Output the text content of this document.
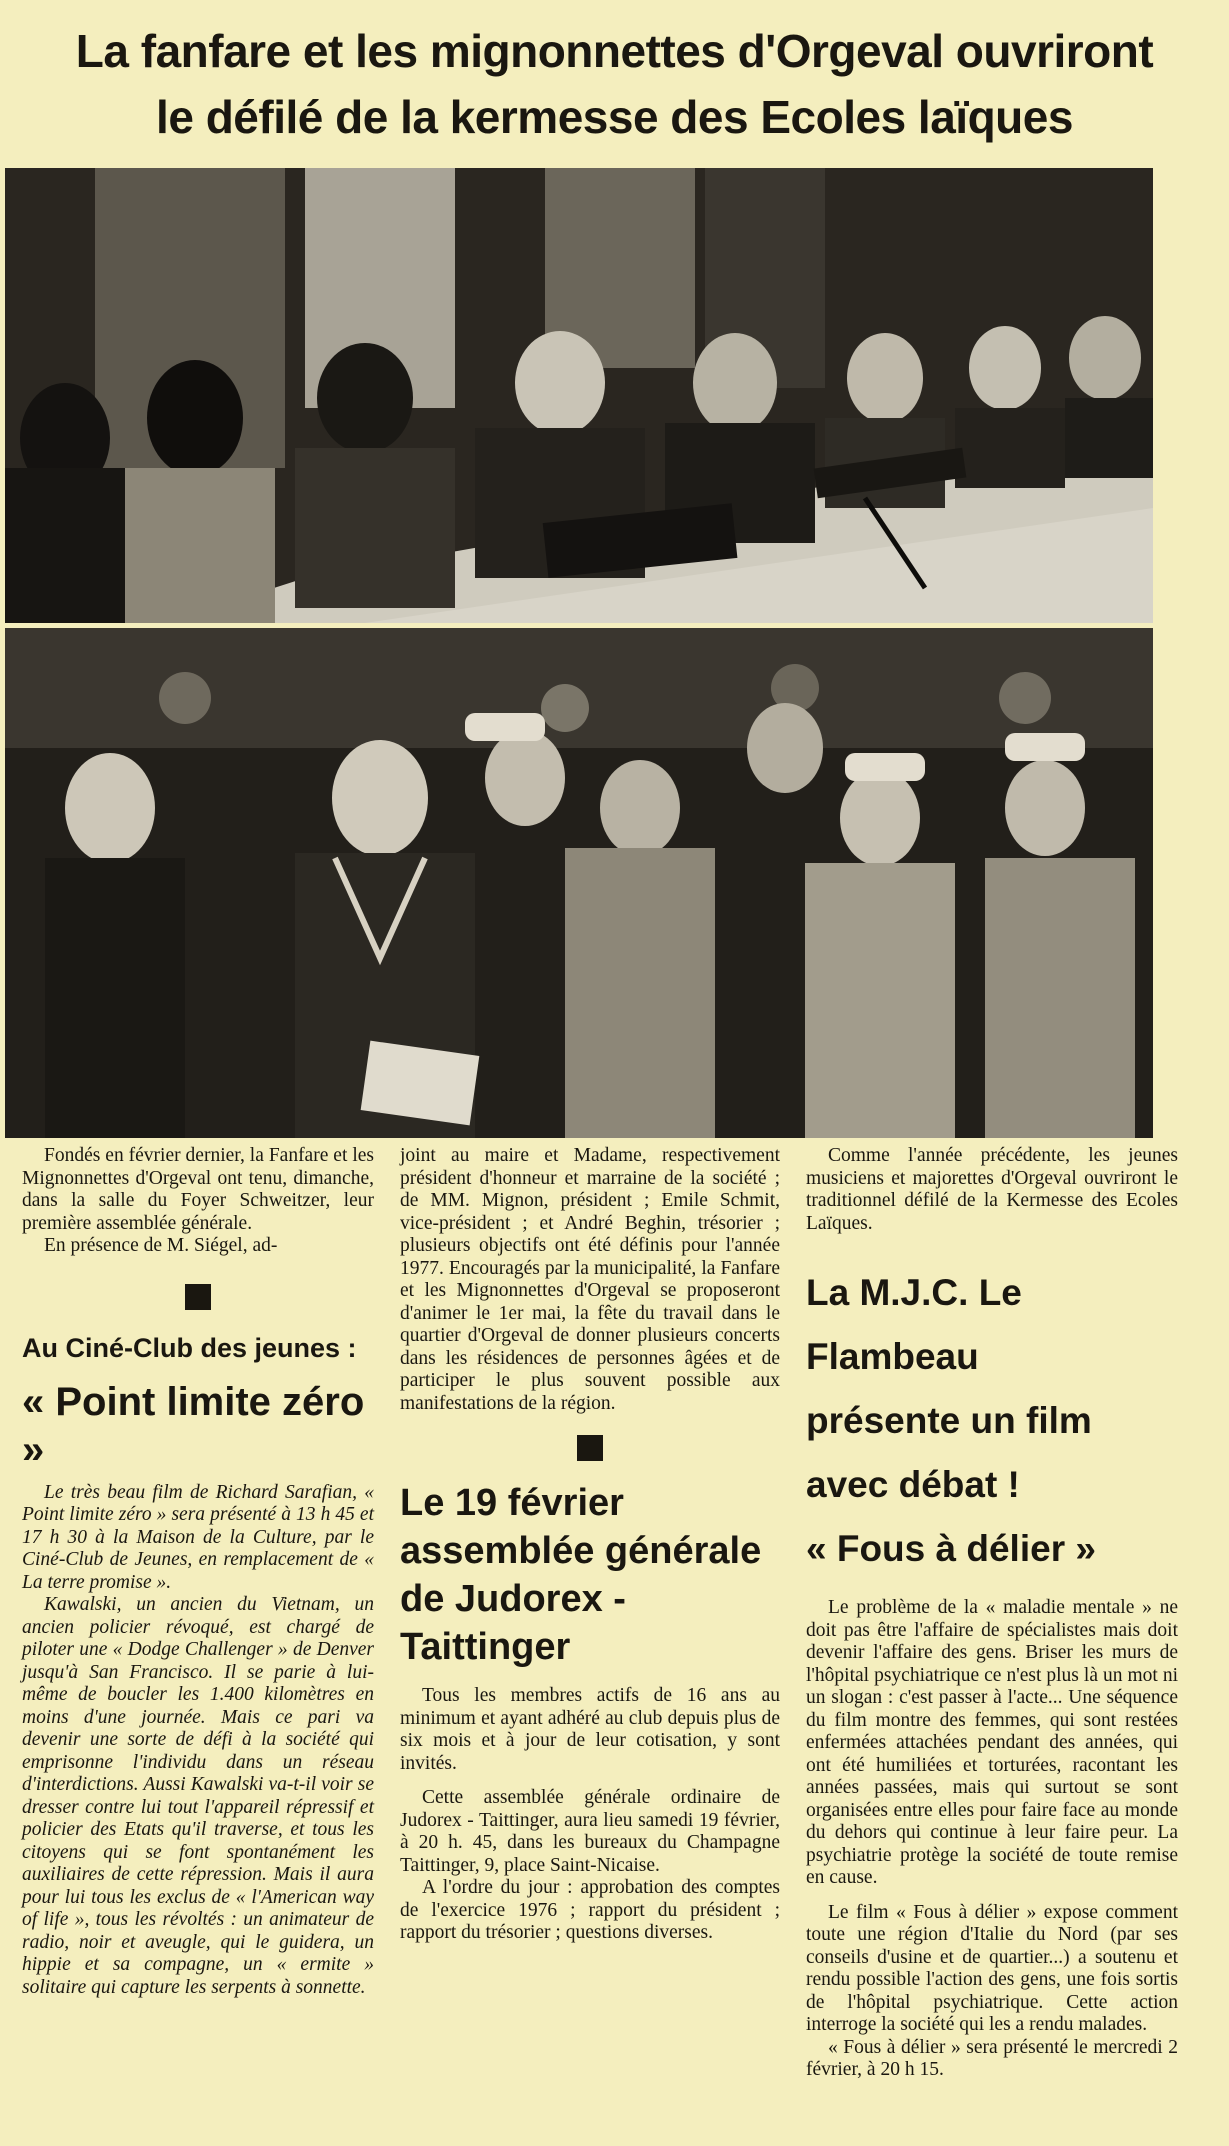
La fanfare et les mignonnettes d'Orgeval ouvriront
le défilé de la kermesse des Ecoles laïques

Fondés en février dernier, la Fanfare et les Mignonnettes d'Orgeval ont tenu, dimanche, dans la salle du Foyer Schweitzer, leur première assemblée générale.

En présence de M. Siégel, ad-

Au Ciné-Club des jeunes :
« Point limite zéro »

Le très beau film de Richard Sarafian, « Point limite zéro » sera présenté à 13 h 45 et 17 h 30 à la Maison de la Culture, par le Ciné-Club de Jeunes, en remplacement de « La terre promise ».

Kawalski, un ancien du Vietnam, un ancien policier révoqué, est chargé de piloter une « Dodge Challenger » de Denver jusqu'à San Francisco. Il se parie à lui-même de boucler les 1.400 kilomètres en moins d'une journée. Mais ce pari va devenir une sorte de défi à la société qui emprisonne l'individu dans un réseau d'interdictions. Aussi Kawalski va-t-il voir se dresser contre lui tout l'appareil répressif et policier des Etats qu'il traverse, et tous les citoyens qui se font spontanément les auxiliaires de cette répression. Mais il aura pour lui tous les exclus de « l'American way of life », tous les révoltés : un animateur de radio, noir et aveugle, qui le guidera, un hippie et sa compagne, un « ermite » solitaire qui capture les serpents à sonnette.

joint au maire et Madame, respectivement président d'honneur et marraine de la société ; de MM. Mignon, président ; Emile Schmit, vice-président ; et André Beghin, trésorier ; plusieurs objectifs ont été définis pour l'année 1977. Encouragés par la municipalité, la Fanfare et les Mignonnettes d'Orgeval se proposeront d'animer le 1er mai, la fête du travail dans le quartier d'Orgeval de donner plusieurs concerts dans les résidences de personnes âgées et de participer le plus souvent possible aux manifestations de la région.

Le 19 février
assemblée générale
de Judorex -
Taittinger

Tous les membres actifs de 16 ans au minimum et ayant adhéré au club depuis plus de six mois et à jour de leur cotisation, y sont invités.

Cette assemblée générale ordinaire de Judorex - Taittinger, aura lieu samedi 19 février, à 20 h. 45, dans les bureaux du Champagne Taittinger, 9, place Saint-Nicaise.

A l'ordre du jour : approbation des comptes de l'exercice 1976 ; rapport du président ; rapport du trésorier ; questions diverses.

Comme l'année précédente, les jeunes musiciens et majorettes d'Orgeval ouvriront le traditionnel défilé de la Kermesse des Ecoles Laïques.

La M.J.C. Le Flambeau
présente un film
avec débat !
« Fous à délier »

Le problème de la « maladie mentale » ne doit pas être l'affaire de spécialistes mais doit devenir l'affaire des gens. Briser les murs de l'hôpital psychiatrique ce n'est plus là un mot ni un slogan : c'est passer à l'acte... Une séquence du film montre des femmes, qui sont restées enfermées attachées pendant des années, qui ont été humiliées et torturées, racontant les années passées, mais qui surtout se sont organisées entre elles pour faire face au monde du dehors qui continue à leur faire peur. La psychiatrie protège la société de toute remise en cause.

Le film « Fous à délier » expose comment toute une région d'Italie du Nord (par ses conseils d'usine et de quartier...) a soutenu et rendu possible l'action des gens, une fois sortis de l'hôpital psychiatrique. Cette action interroge la société qui les a rendu malades.

« Fous à délier » sera présenté le mercredi 2 février, à 20 h 15.
